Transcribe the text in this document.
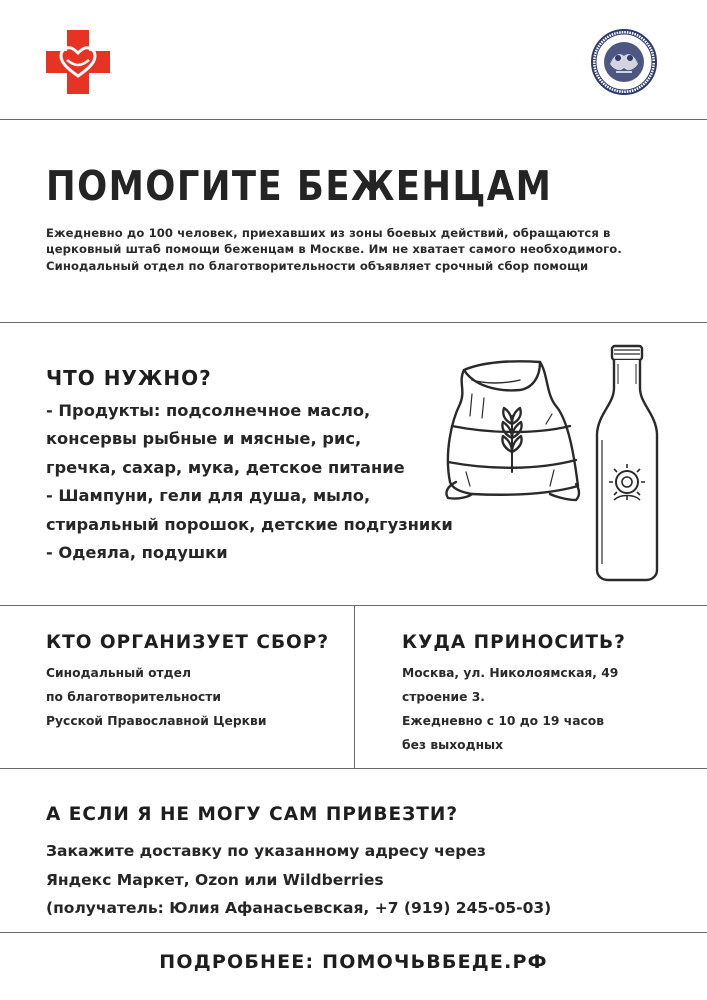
ПОМОГИТЕ БЕЖЕНЦАМ
Ежедневно до 100 человек, приехавших из зоны боевых действий, обращаются в
церковный штаб помощи беженцам в Москве. Им не хватает самого необходимого.
Синодальный отдел по благотворительности объявляет срочный сбор помощи
ЧТО НУЖНО?
- Продукты: подсолнечное масло,
консервы рыбные и мясные, рис,
гречка, сахар, мука, детское питание
- Шампуни, гели для душа, мыло,
стиральный порошок, детские подгузники
- Одеяла, подушки
КТО ОРГАНИЗУЕТ СБОР?
Синодальный отдел
по благотворительности
Русской Православной Церкви
КУДА ПРИНОСИТЬ?
Москва, ул. Николоямская, 49
строение 3.
Ежедневно с 10 до 19 часов
без выходных
А ЕСЛИ Я НЕ МОГУ САМ ПРИВЕЗТИ?
Закажите доставку по указанному адресу через
Яндекс Маркет, Ozon или Wildberries
(получатель: Юлия Афанасьевская, +7 (919) 245-05-03)
ПОДРОБНЕЕ: ПОМОЧЬВБЕДЕ.РФ
